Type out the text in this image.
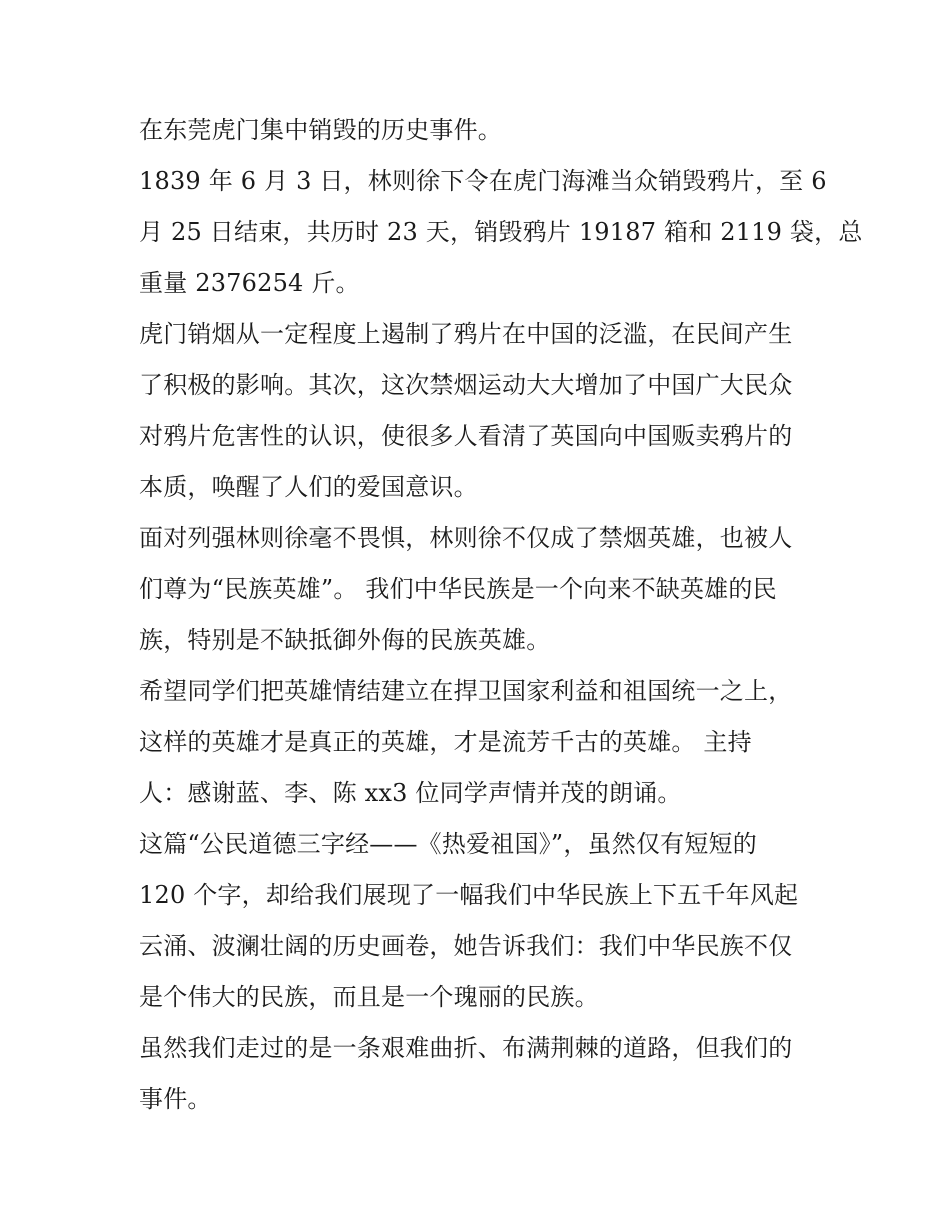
在东莞虎门集中销毁的历史事件。
1839 年 6 月 3 日，林则徐下令在虎门海滩当众销毁鸦片，至 6
月 25 日结束，共历时 23 天，销毁鸦片 19187 箱和 2119 袋，总
重量 2376254 斤。
虎门销烟从一定程度上遏制了鸦片在中国的泛滥，在民间产生
了积极的影响。其次，这次禁烟运动大大增加了中国广大民众
对鸦片危害性的认识，使很多人看清了英国向中国贩卖鸦片的
本质，唤醒了人们的爱国意识。
面对列强林则徐毫不畏惧，林则徐不仅成了禁烟英雄，也被人
们尊为“民族英雄”。 我们中华民族是一个向来不缺英雄的民
族，特别是不缺抵御外侮的民族英雄。
希望同学们把英雄情结建立在捍卫国家利益和祖国统一之上，
这样的英雄才是真正的英雄，才是流芳千古的英雄。 主持
人：感谢蓝、李、陈 xx3 位同学声情并茂的朗诵。
这篇“公民道德三字经——《热爱祖国》”，虽然仅有短短的
120 个字，却给我们展现了一幅我们中华民族上下五千年风起
云涌、波澜壮阔的历史画卷，她告诉我们：我们中华民族不仅
是个伟大的民族，而且是一个瑰丽的民族。
虽然我们走过的是一条艰难曲折、布满荆棘的道路，但我们的
事件。
